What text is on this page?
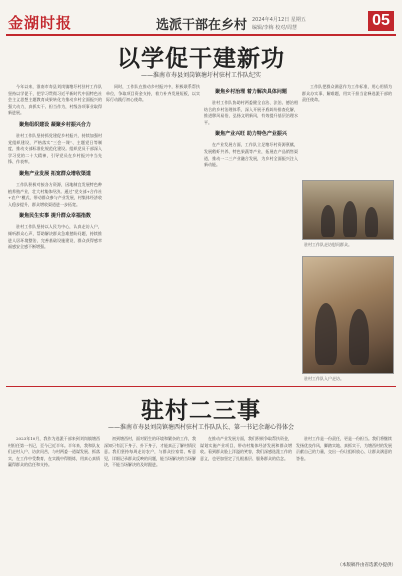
金湖时报	选派干部在乡村 2024年4月12日 星期五
编辑/李梅 校对/周慧	05
以学促干建新功
——淮南市寿县刘岗镇塘圩村驻村工作队纪实

今年以来，淮南市寿县刘岗镇塘圩村驻村工作队坚持以学促干，把学习贯彻习近平新时代中国特色社会主义思想主题教育成果转化为推动乡村全面振兴的强大动力，真抓实干、担当作为，村级各项事业取得新进展。

聚焦组织建设 凝聚乡村振兴合力

驻村工作队坚持抓党建促乡村振兴，持续加强村党组织建设，严格落实“三会一课”、主题党日等制度，推动支部标准化规范化建设。组织党员干部深入学习党的二十大精神，引导党员在乡村振兴中当先锋、作表率。

聚焦产业发展 拓宽群众增收渠道

工作队积极对接各方资源，因地制宜发展特色种植养殖产业，壮大村集体经济。通过“党支部+合作社+农户”模式，带动群众参与产业发展，村集体经济收入稳步提升，群众增收渠道进一步拓宽。

聚焦民生实事 提升群众幸福指数

驻村工作队坚持以人民为中心，认真走访入户，倾听群众心声，帮助解决群众急难愁盼问题，持续推进人居环境整治，完善基础设施建设，群众获得感幸福感安全感不断增强。

同时，工作队在推动乡村振兴中，积极联系帮扶单位，争取项目资金支持，着力补齐发展短板，以实际行动践行初心使命。

聚焦乡村治理 着力解决具体问题

驻村工作队协助村两委健全自治、法治、德治相结合的乡村治理体系，深入开展矛盾纠纷排查化解，推进移风易俗，弘扬文明新风，有效提升基层治理水平。

聚焦产业兴旺 助力特色产业振兴

在产业发展方面，工作队立足塘圩村资源禀赋，发展稻虾共养、特色果蔬等产业，拓展农产品销售渠道，推动一二三产业融合发展，为乡村全面振兴注入新动能。

工作队把群众满意作为工作标准，用心用情为群众办实事、解难题，用实干担当诠释选派干部的责任使命。

驻村工作队走访慰问群众。
驻村工作队入户走访。
驻村二三事
——淮南市寿县刘岗镇塘西村驻村工作队队长、第一书记余谢心得体会

2023年10月，我作为选派干部来到刘岗镇塘西村担任第一书记，至今已近半年。半年来，我和队友们走村入户、访贫问苦，与村两委一道谋发展、抓落实，在工作中受教育，在实践中得锻炼，用真心真情赢得群众的信任和支持。

初到塘西村，面对陌生的环境和繁杂的工作，我深知只有沉下身子、扑下身子，才能真正了解村情民意。我们坚持每周走访农户，与群众拉家常、听意见，详细记录群众反映的问题，能当场解决的当场解决，不能当场解决的及时跟进。

在推动产业发展方面，我们积极争取帮扶资金，谋划实施产业项目，带动村集体经济发展和群众增收。看到群众脸上洋溢的笑容，我们深感选派工作的意义，也更加坚定了扎根基层、服务群众的信念。

驻村工作是一份责任，更是一份担当。我们将继续发扬优良作风，脚踏实地、真抓实干，为塘西村的发展贡献自己的力量，交出一份让组织放心、让群众满意的答卷。

（本版稿件由省选派办提供）
